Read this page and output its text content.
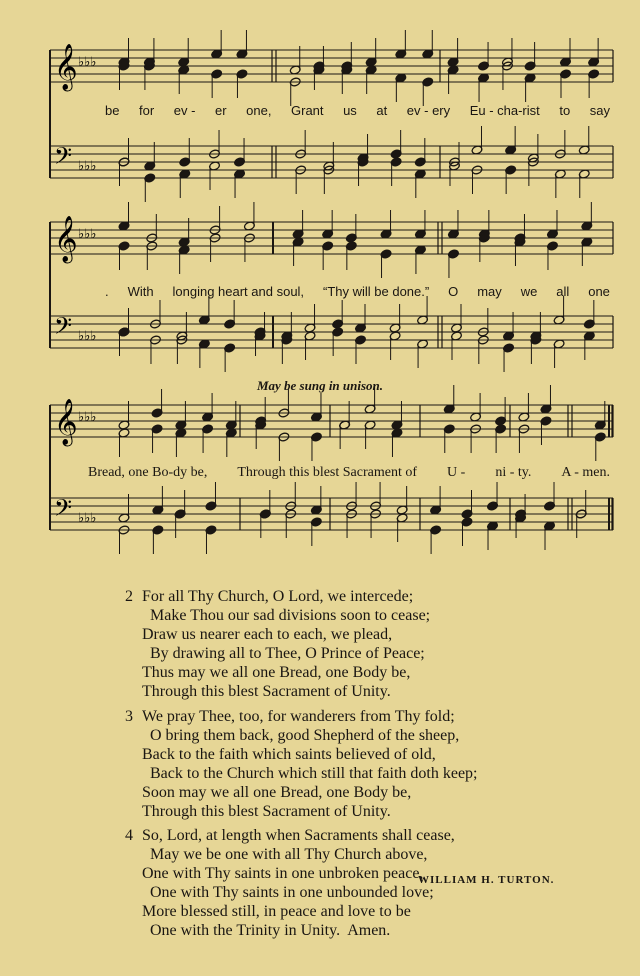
𝄞 ♭♭♭
𝄢 ♭♭♭
𝄞 ♭♭♭
𝄢 ♭♭♭
𝄞 ♭♭♭
𝄢 ♭♭♭
be for ev - er one, Grant us at ev - ery Eu - cha-rist to say
. With longing heart and soul, “Thy will be done.” O may we all one
Bread, one Bo-dy be, Through this blest Sacrament of U - ni - ty. A - men.
May be sung in unison.
2 For all Thy Church, O Lord, we intercede;
Make Thou our sad divisions soon to cease;
Draw us nearer each to each, we plead,
By drawing all to Thee, O Prince of Peace;
Thus may we all one Bread, one Body be,
Through this blest Sacrament of Unity.
3 We pray Thee, too, for wanderers from Thy fold;
O bring them back, good Shepherd of the sheep,
Back to the faith which saints believed of old,
Back to the Church which still that faith doth keep;
Soon may we all one Bread, one Body be,
Through this blest Sacrament of Unity.
4 So, Lord, at length when Sacraments shall cease,
May we be one with all Thy Church above,
One with Thy saints in one unbroken peace,
One with Thy saints in one unbounded love;
More blessed still, in peace and love to be
One with the Trinity in Unity.  Amen.
WILLIAM H. TURTON.
